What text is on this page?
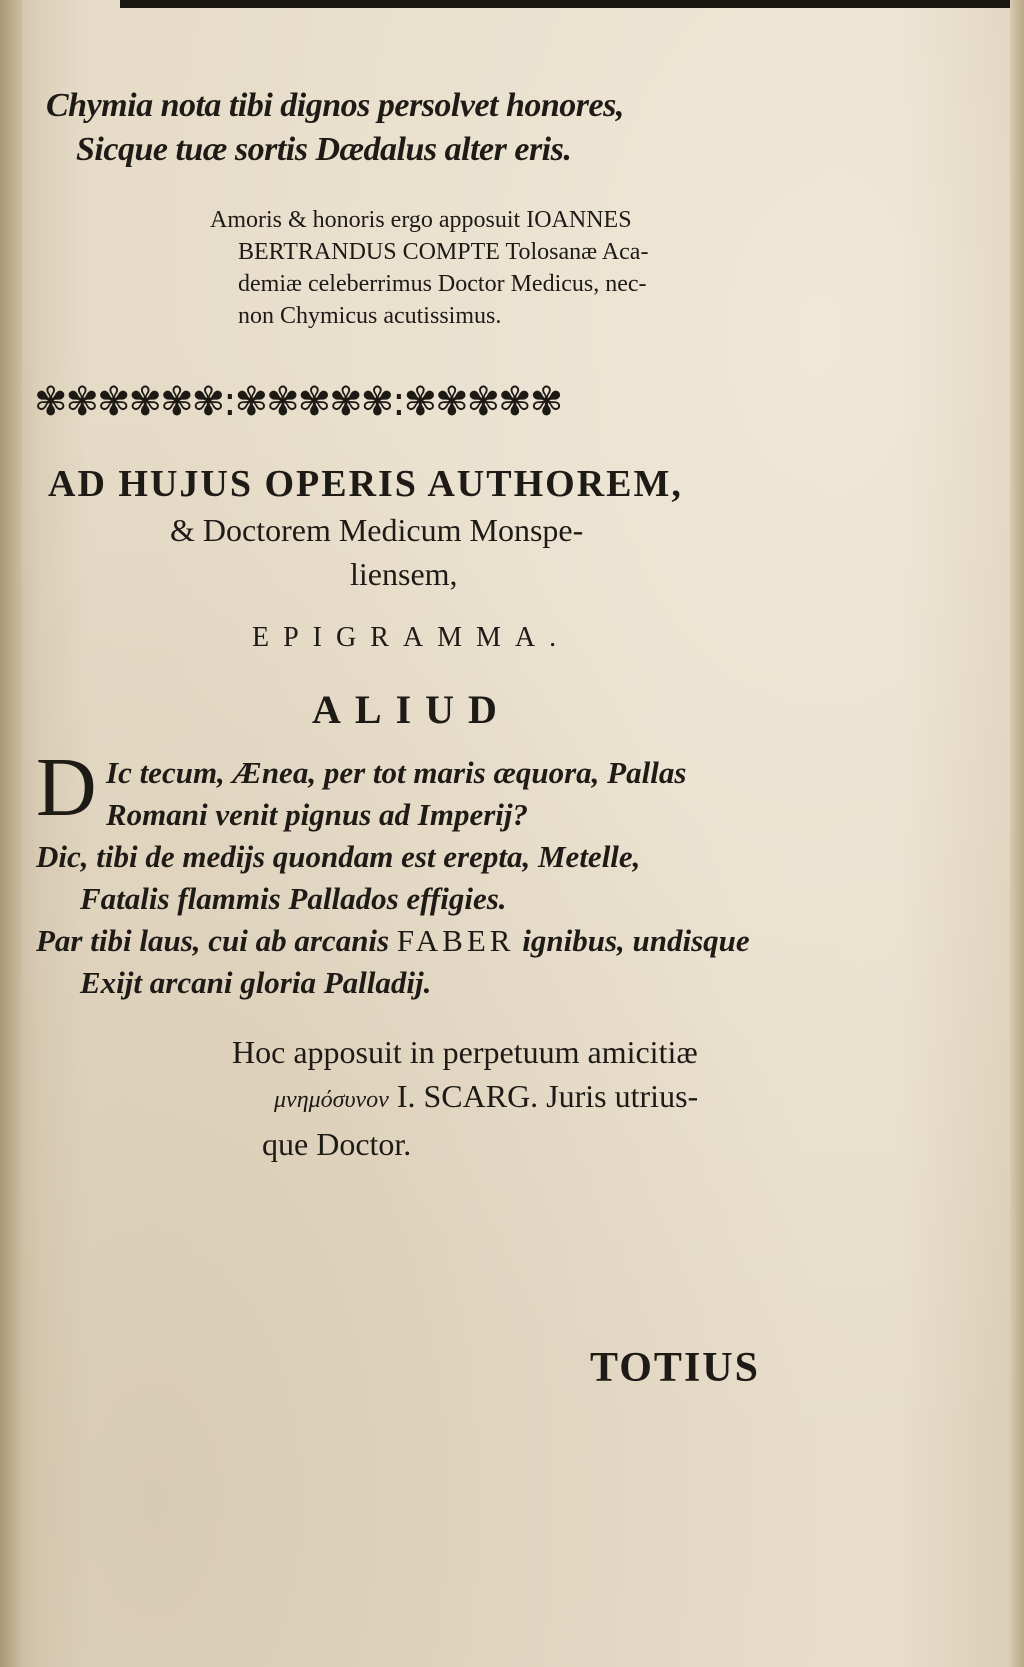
Chymia nota tibi dignos persolvet honores,
Sicque tuæ sortis Dædalus alter eris.
Amoris & honoris ergo apposuit IOANNES
BERTRANDUS COMPTE Tolosanæ Aca-
demiæ celeberrimus Doctor Medicus, nec-
non Chymicus acutissimus.
✾✾✾✾✾✾:✾✾✾✾✾:✾✾✾✾✾
AD HUJUS OPERIS AUTHOREM,
& Doctorem Medicum Monspe-
liensem,
EPIGRAMMA.
ALIUD
D Ic tecum, Ænea, per tot maris æquora, Pallas
Romani venit pignus ad Imperij?
Dic, tibi de medijs quondam est erepta, Metelle,
Fatalis flammis Pallados effigies.
Par tibi laus, cui ab arcanis FABER ignibus, undisque
Exijt arcani gloria Palladij.
Hoc apposuit in perpetuum amicitiæ
μνημόσυνον I. SCARG. Juris utrius-
que Doctor.
TOTIUS
